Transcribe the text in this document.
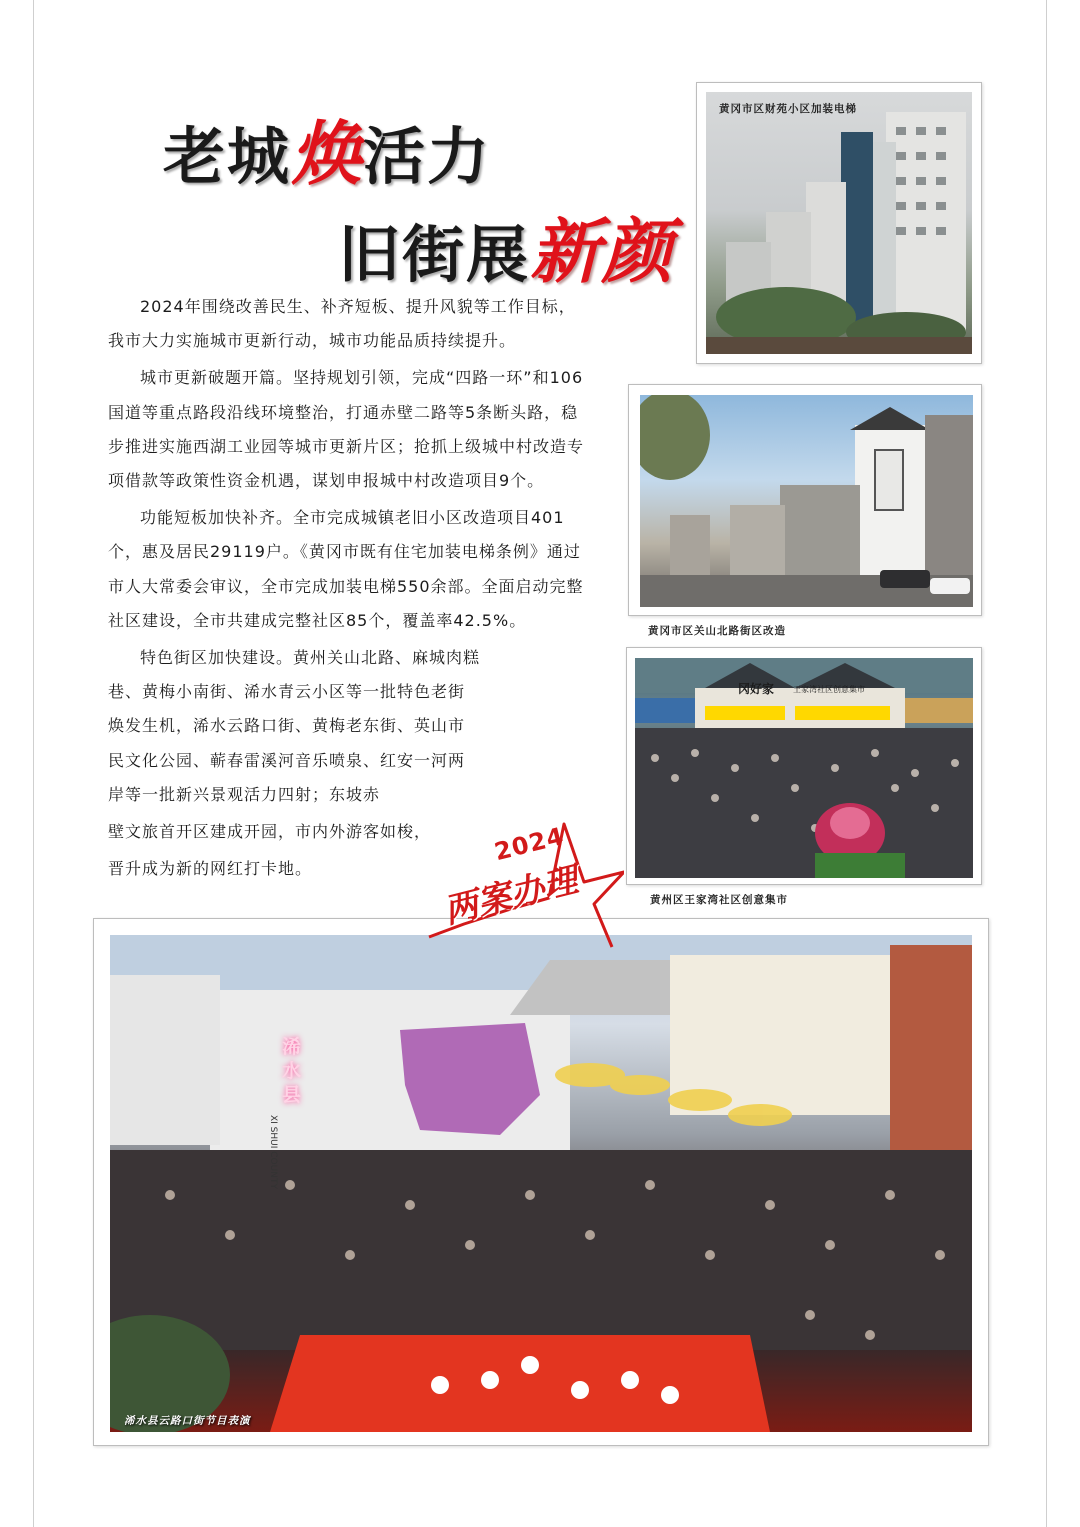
老城焕活力
旧街展新颜

2024年围绕改善民生、补齐短板、提升风貌等工作目标，我市大力实施城市更新行动，城市功能品质持续提升。

城市更新破题开篇。坚持规划引领，完成“四路一环”和106国道等重点路段沿线环境整治，打通赤壁二路等5条断头路，稳步推进实施西湖工业园等城市更新片区；抢抓上级城中村改造专项借款等政策性资金机遇，谋划申报城中村改造项目9个。

功能短板加快补齐。全市完成城镇老旧小区改造项目401个，惠及居民29119户。《黄冈市既有住宅加装电梯条例》通过市人大常委会审议，全市完成加装电梯550余部。全面启动完整社区建设，全市共建成完整社区85个，覆盖率42.5%。

特色街区加快建设。黄州关山北路、麻城肉糕巷、黄梅小南街、浠水青云小区等一批特色老街焕发生机，浠水云路口街、黄梅老东街、英山市民文化公园、蕲春雷溪河音乐喷泉、红安一河两岸等一批新兴景观活力四射；东坡赤

壁文旅首开区建成开园，市内外游客如梭，

晋升成为新的网红打卡地。

黄冈市区财苑小区加装电梯
黄冈市区关山北路街区改造
冈好家 王家湾社区创意集市
黄州区王家湾社区创意集市
浠水县
XI SHUI COUNTY
浠水县云路口街节目表演
2024
两案办理
